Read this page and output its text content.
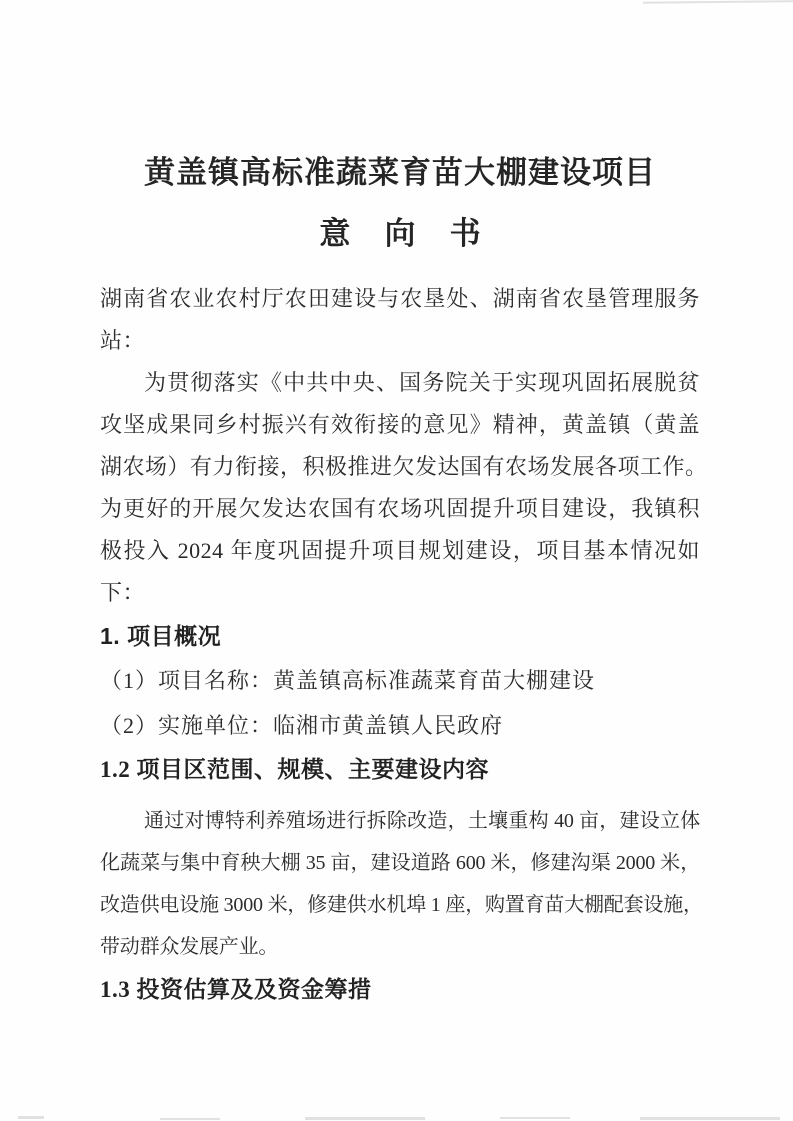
黄盖镇高标准蔬菜育苗大棚建设项目
意向书
湖南省农业农村厅农田建设与农垦处、湖南省农垦管理服务
站：
为贯彻落实《中共中央、国务院关于实现巩固拓展脱贫
攻坚成果同乡村振兴有效衔接的意见》精神，黄盖镇（黄盖
湖农场）有力衔接，积极推进欠发达国有农场发展各项工作。
为更好的开展欠发达农国有农场巩固提升项目建设，我镇积
极投入 2024 年度巩固提升项目规划建设，项目基本情况如
下：
1. 项目概况
（1）项目名称：黄盖镇高标准蔬菜育苗大棚建设
（2）实施单位：临湘市黄盖镇人民政府
1.2 项目区范围、规模、主要建设内容
通过对博特利养殖场进行拆除改造，土壤重构 40 亩，建设立体
化蔬菜与集中育秧大棚 35 亩，建设道路 600 米，修建沟渠 2000 米，
改造供电设施 3000 米，修建供水机埠 1 座，购置育苗大棚配套设施，
带动群众发展产业。
1.3 投资估算及及资金筹措
